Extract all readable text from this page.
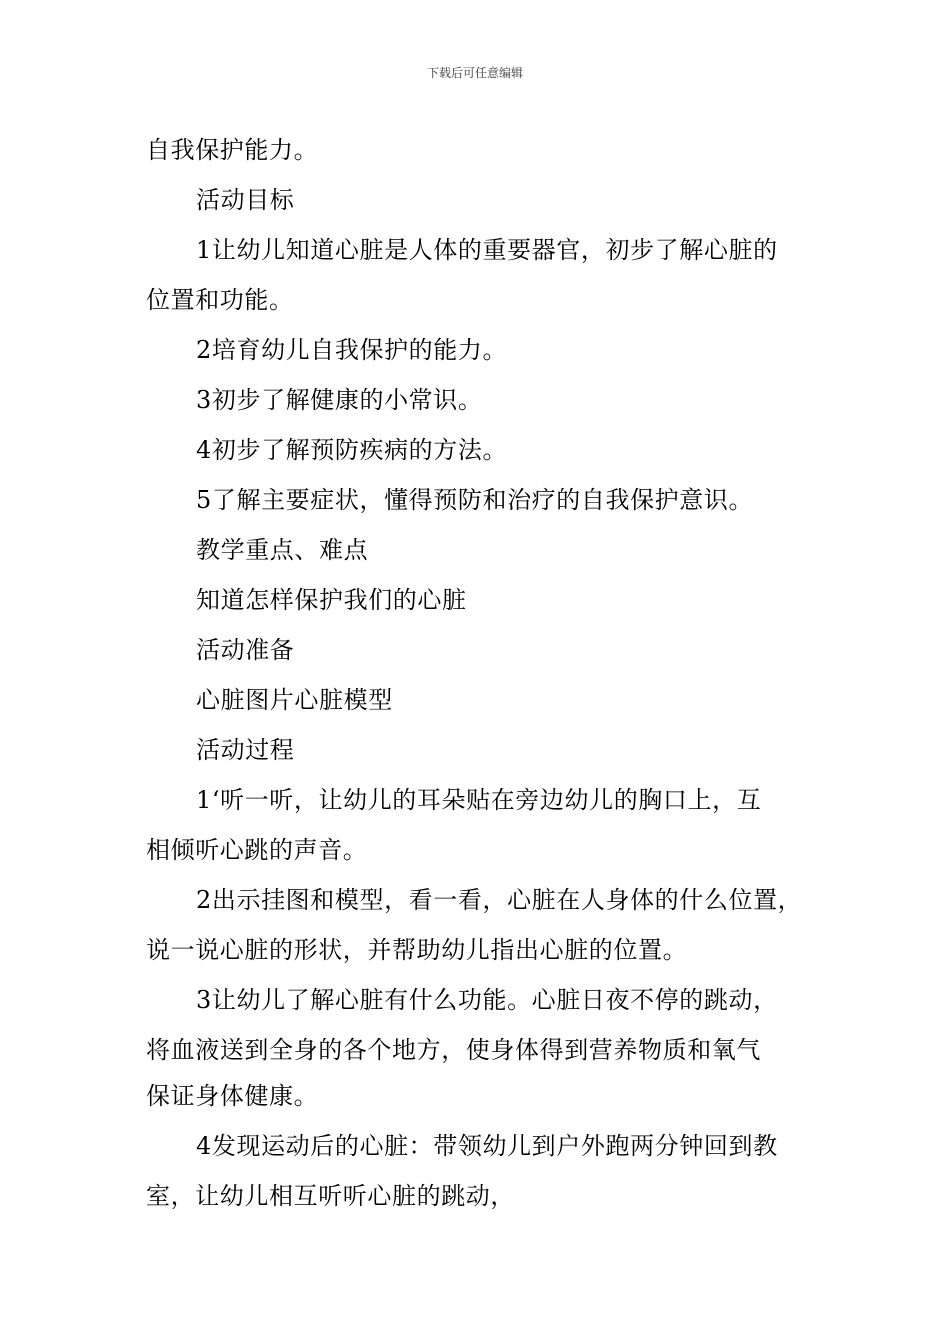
下载后可任意编辑
自我保护能力。
活动目标
1让幼儿知道心脏是人体的重要器官，初步了解心脏的
位置和功能。
2培育幼儿自我保护的能力。
3初步了解健康的小常识。
4初步了解预防疾病的方法。
5了解主要症状，懂得预防和治疗的自我保护意识。
教学重点、难点
知道怎样保护我们的心脏
活动准备
心脏图片心脏模型
活动过程
1‘听一听，让幼儿的耳朵贴在旁边幼儿的胸口上，互
相倾听心跳的声音。
2出示挂图和模型，看一看，心脏在人身体的什么位置，
说一说心脏的形状，并帮助幼儿指出心脏的位置。
3让幼儿了解心脏有什么功能。心脏日夜不停的跳动，
将血液送到全身的各个地方，使身体得到营养物质和氧气
保证身体健康。
4发现运动后的心脏：带领幼儿到户外跑两分钟回到教
室，让幼儿相互听听心脏的跳动，
